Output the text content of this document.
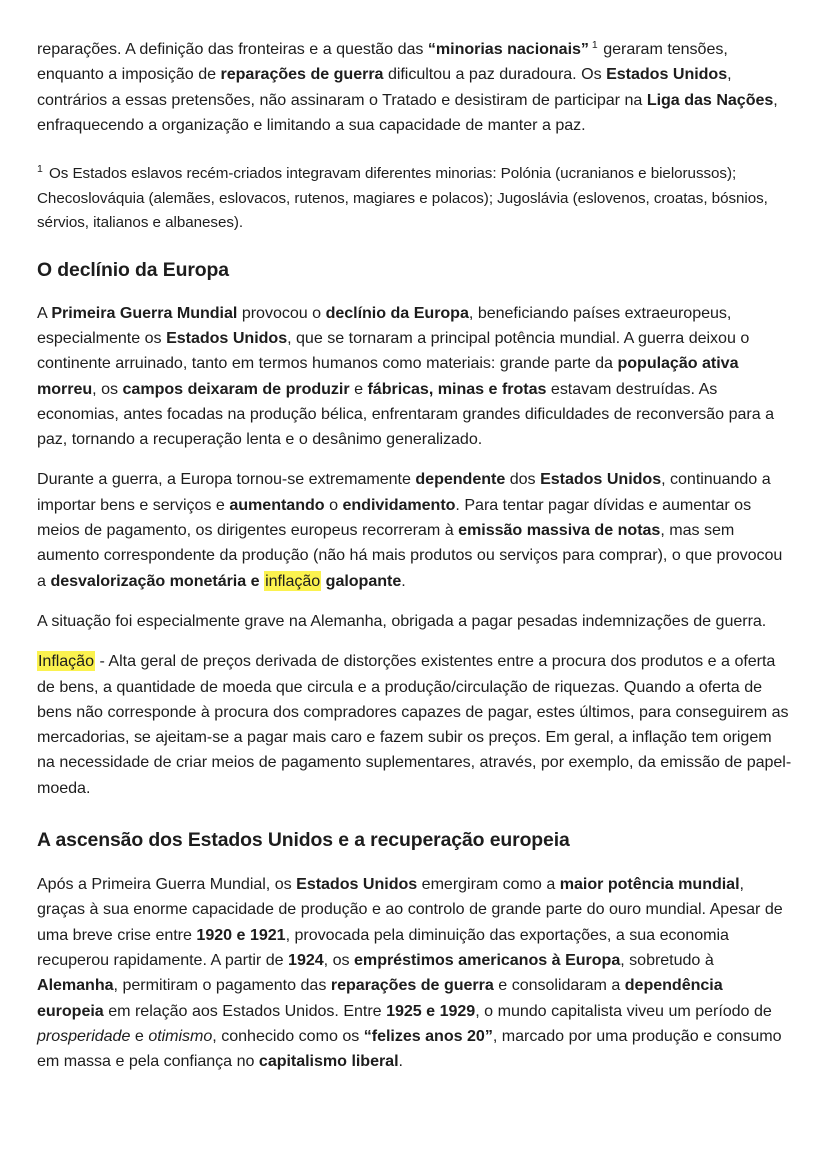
reparações. A definição das fronteiras e a questão das “minorias nacionais” $^1$ geraram tensões, enquanto a imposição de reparações de guerra dificultou a paz duradoura. Os Estados Unidos, contrários a essas pretensões, não assinaram o Tratado e desistiram de participar na Liga das Nações, enfraquecendo a organização e limitando a sua capacidade de manter a paz.

$^1$ Os Estados eslavos recém-criados integravam diferentes minorias: Polónia (ucranianos e bielorussos); Checoslováquia (alemães, eslovacos, rutenos, magiares e polacos); Jugoslávia (eslovenos, croatas, bósnios, sérvios, italianos e albaneses).

O declínio da Europa

A Primeira Guerra Mundial provocou o declínio da Europa, beneficiando países extraeuropeus, especialmente os Estados Unidos, que se tornaram a principal potência mundial. A guerra deixou o continente arruinado, tanto em termos humanos como materiais: grande parte da população ativa morreu, os campos deixaram de produzir e fábricas, minas e frotas estavam destruídas. As economias, antes focadas na produção bélica, enfrentaram grandes dificuldades de reconversão para a paz, tornando a recuperação lenta e o desânimo generalizado.

Durante a guerra, a Europa tornou-se extremamente dependente dos Estados Unidos, continuando a importar bens e serviços e aumentando o endividamento. Para tentar pagar dívidas e aumentar os meios de pagamento, os dirigentes europeus recorreram à emissão massiva de notas, mas sem aumento correspondente da produção (não há mais produtos ou serviços para comprar), o que provocou a desvalorização monetária e inflação galopante.

A situação foi especialmente grave na Alemanha, obrigada a pagar pesadas indemnizações de guerra.

Inflação - Alta geral de preços derivada de distorções existentes entre a procura dos produtos e a oferta de bens, a quantidade de moeda que circula e a produção/circulação de riquezas. Quando a oferta de bens não corresponde à procura dos compradores capazes de pagar, estes últimos, para conseguirem as mercadorias, se ajeitam-se a pagar mais caro e fazem subir os preços. Em geral, a inflação tem origem na necessidade de criar meios de pagamento suplementares, através, por exemplo, da emissão de papel-moeda.

A ascensão dos Estados Unidos e a recuperação europeia

Após a Primeira Guerra Mundial, os Estados Unidos emergiram como a maior potência mundial, graças à sua enorme capacidade de produção e ao controlo de grande parte do ouro mundial. Apesar de uma breve crise entre 1920 e 1921, provocada pela diminuição das exportações, a sua economia recuperou rapidamente. A partir de 1924, os empréstimos americanos à Europa, sobretudo à Alemanha, permitiram o pagamento das reparações de guerra e consolidaram a dependência europeia em relação aos Estados Unidos. Entre 1925 e 1929, o mundo capitalista viveu um período de prosperidade e otimismo, conhecido como os “felizes anos 20”, marcado por uma produção e consumo em massa e pela confiança no capitalismo liberal.
